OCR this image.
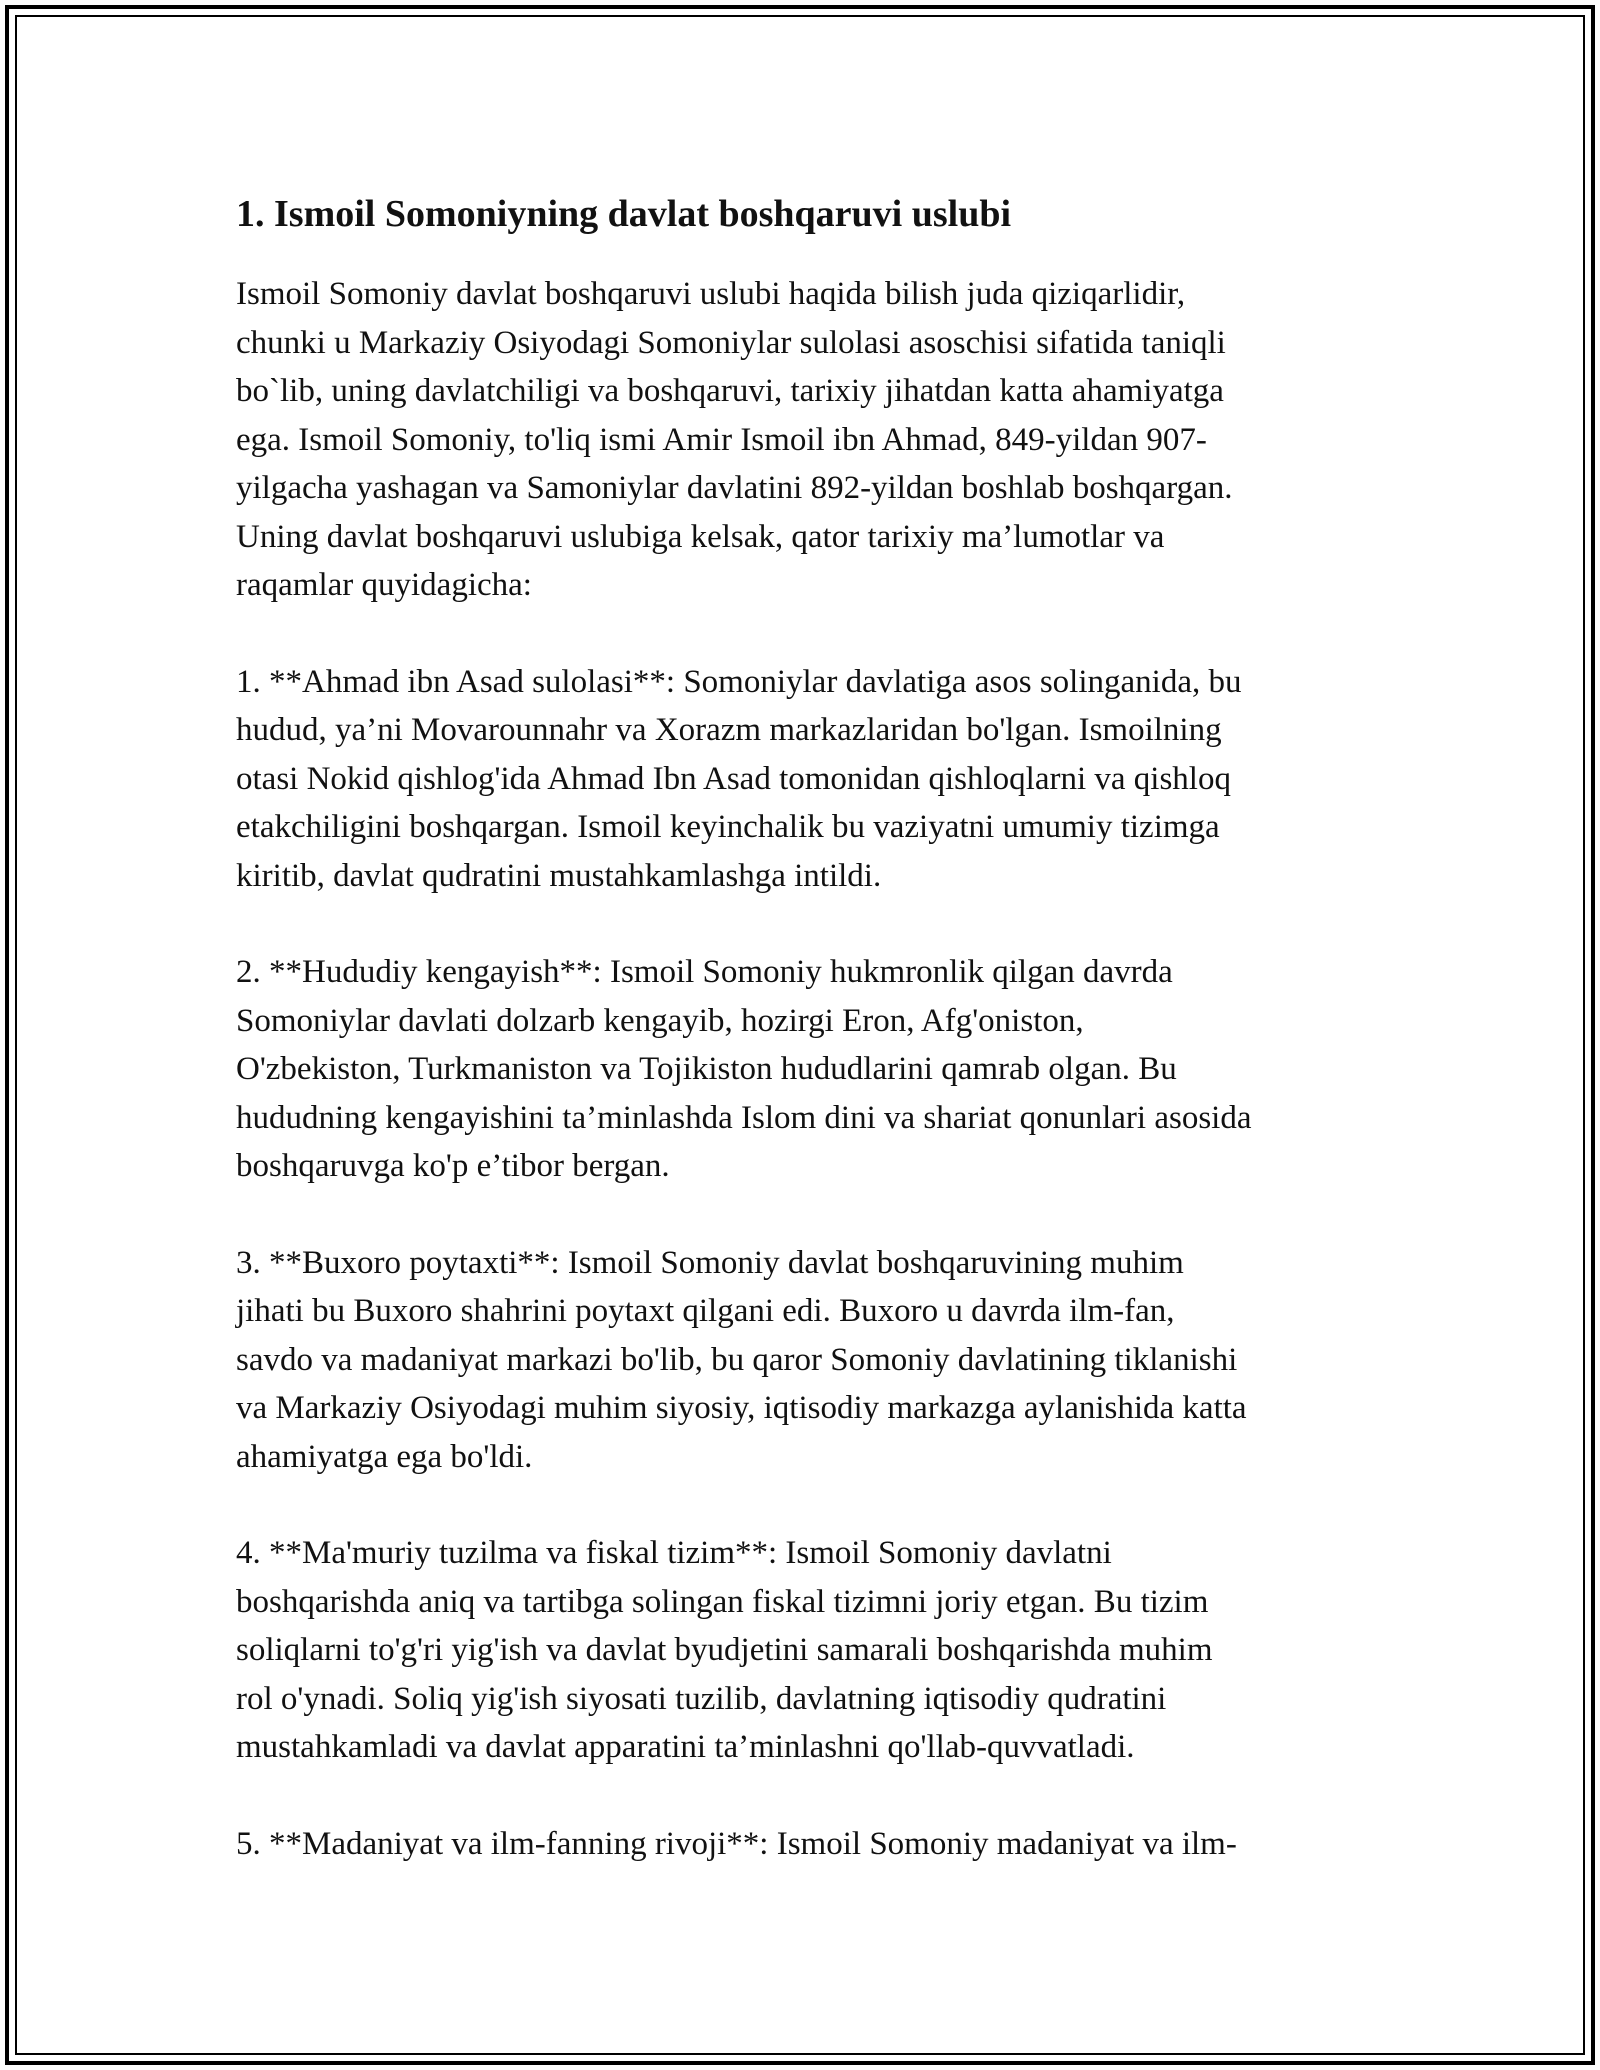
1. Ismoil Somoniyning davlat boshqaruvi uslubi

Ismoil Somoniy davlat boshqaruvi uslubi haqida bilish juda qiziqarlidir,
chunki u Markaziy Osiyodagi Somoniylar sulolasi asoschisi sifatida taniqli
bo`lib, uning davlatchiligi va boshqaruvi, tarixiy jihatdan katta ahamiyatga
ega. Ismoil Somoniy, to'liq ismi Amir Ismoil ibn Ahmad, 849-yildan 907-
yilgacha yashagan va Samoniylar davlatini 892-yildan boshlab boshqargan.
Uning davlat boshqaruvi uslubiga kelsak, qator tarixiy ma’lumotlar va
raqamlar quyidagicha:

1. **Ahmad ibn Asad sulolasi**: Somoniylar davlatiga asos solinganida, bu
hudud, ya’ni Movarounnahr va Xorazm markazlaridan bo'lgan. Ismoilning
otasi Nokid qishlog'ida Ahmad Ibn Asad tomonidan qishloqlarni va qishloq
etakchiligini boshqargan. Ismoil keyinchalik bu vaziyatni umumiy tizimga
kiritib, davlat qudratini mustahkamlashga intildi.

2. **Hududiy kengayish**: Ismoil Somoniy hukmronlik qilgan davrda
Somoniylar davlati dolzarb kengayib, hozirgi Eron, Afg'oniston,
O'zbekiston, Turkmaniston va Tojikiston hududlarini qamrab olgan. Bu
hududning kengayishini ta’minlashda Islom dini va shariat qonunlari asosida
boshqaruvga ko'p e’tibor bergan.

3. **Buxoro poytaxti**: Ismoil Somoniy davlat boshqaruvining muhim
jihati bu Buxoro shahrini poytaxt qilgani edi. Buxoro u davrda ilm-fan,
savdo va madaniyat markazi bo'lib, bu qaror Somoniy davlatining tiklanishi
va Markaziy Osiyodagi muhim siyosiy, iqtisodiy markazga aylanishida katta
ahamiyatga ega bo'ldi.

4. **Ma'muriy tuzilma va fiskal tizim**: Ismoil Somoniy davlatni
boshqarishda aniq va tartibga solingan fiskal tizimni joriy etgan. Bu tizim
soliqlarni to'g'ri yig'ish va davlat byudjetini samarali boshqarishda muhim
rol o'ynadi. Soliq yig'ish siyosati tuzilib, davlatning iqtisodiy qudratini
mustahkamladi va davlat apparatini ta’minlashni qo'llab-quvvatladi.

5. **Madaniyat va ilm-fanning rivoji**: Ismoil Somoniy madaniyat va ilm-
